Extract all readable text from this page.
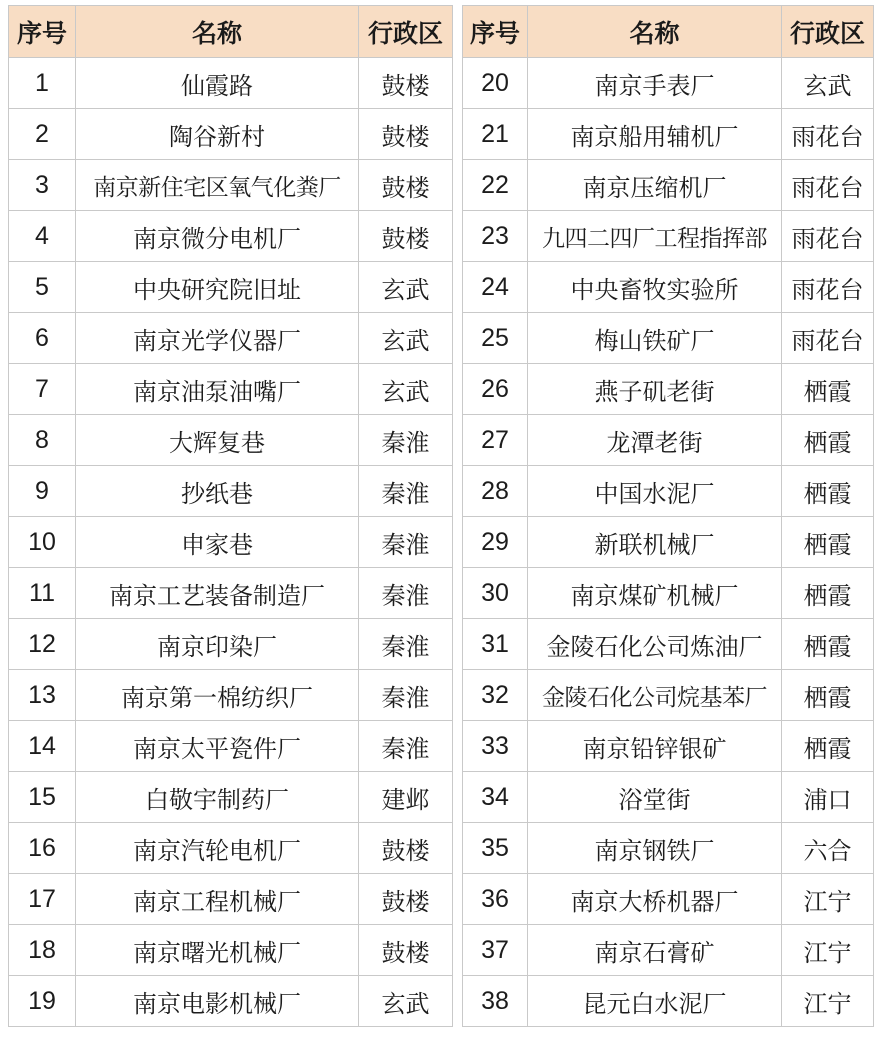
序号	名称	行政区
1	仙霞路	鼓楼
2	陶谷新村	鼓楼
3	南京新住宅区氧气化粪厂	鼓楼
4	南京微分电机厂	鼓楼
5	中央研究院旧址	玄武
6	南京光学仪器厂	玄武
7	南京油泵油嘴厂	玄武
8	大辉复巷	秦淮
9	抄纸巷	秦淮
10	申家巷	秦淮
11	南京工艺装备制造厂	秦淮
12	南京印染厂	秦淮
13	南京第一棉纺织厂	秦淮
14	南京太平瓷件厂	秦淮
15	白敬宇制药厂	建邺
16	南京汽轮电机厂	鼓楼
17	南京工程机械厂	鼓楼
18	南京曙光机械厂	鼓楼
19	南京电影机械厂	玄武
序号	名称	行政区
20	南京手表厂	玄武
21	南京船用辅机厂	雨花台
22	南京压缩机厂	雨花台
23	九四二四厂工程指挥部	雨花台
24	中央畜牧实验所	雨花台
25	梅山铁矿厂	雨花台
26	燕子矶老街	栖霞
27	龙潭老街	栖霞
28	中国水泥厂	栖霞
29	新联机械厂	栖霞
30	南京煤矿机械厂	栖霞
31	金陵石化公司炼油厂	栖霞
32	金陵石化公司烷基苯厂	栖霞
33	南京铅锌银矿	栖霞
34	浴堂街	浦口
35	南京钢铁厂	六合
36	南京大桥机器厂	江宁
37	南京石膏矿	江宁
38	昆元白水泥厂	江宁
